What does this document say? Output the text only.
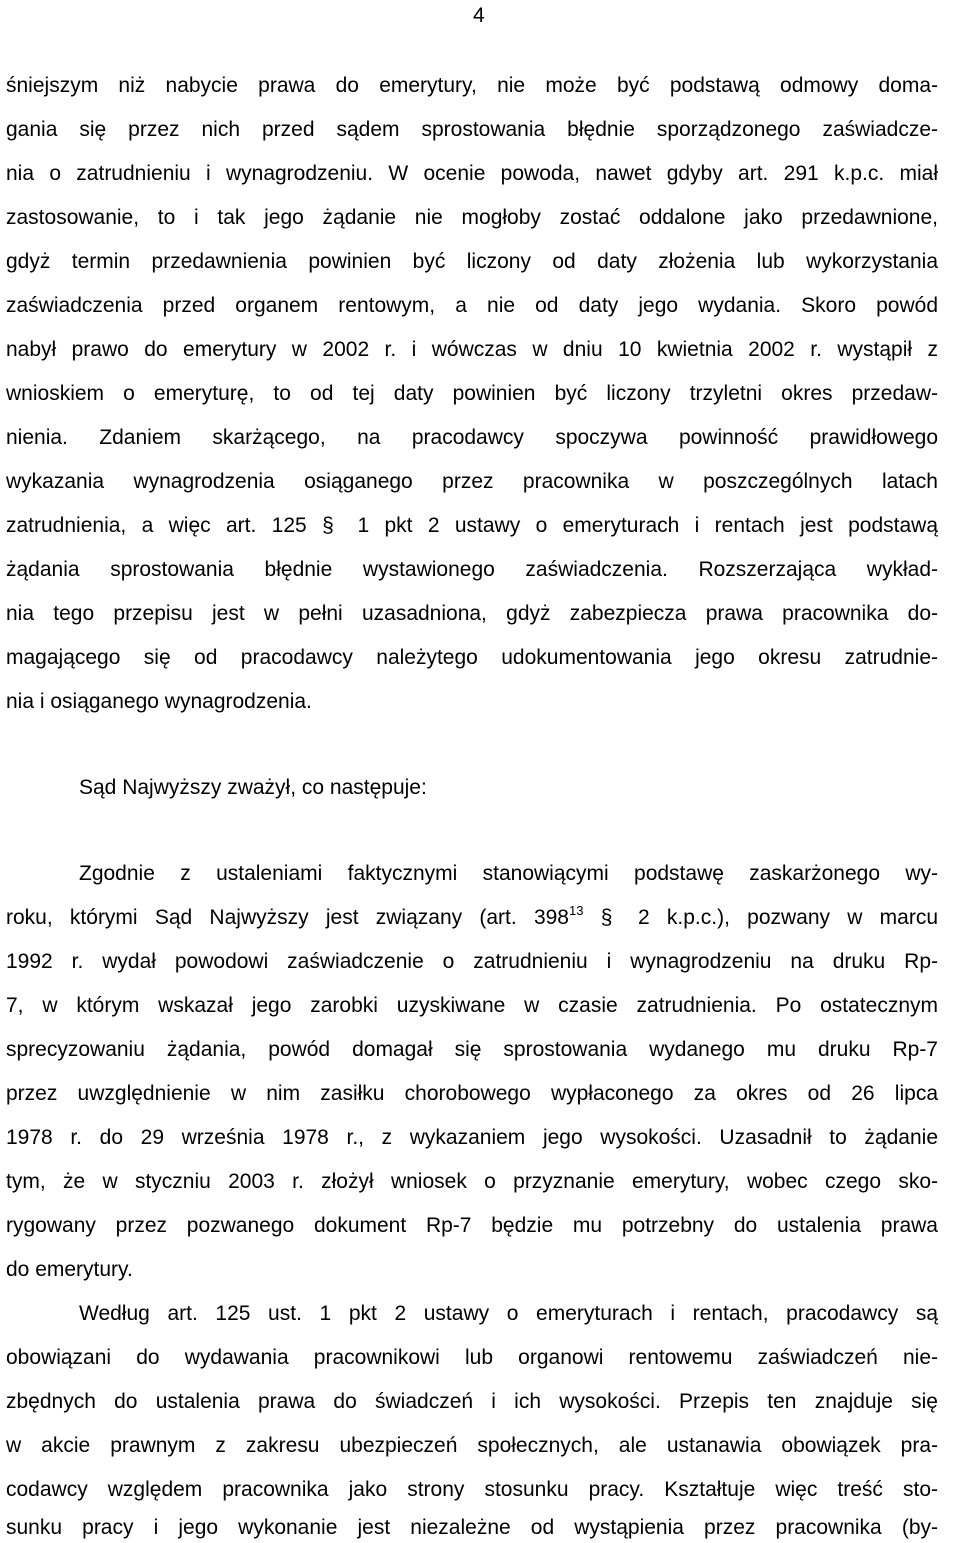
4
śniejszym niż nabycie prawa do emerytury, nie może być podstawą odmowy doma-
gania się przez nich przed sądem sprostowania błędnie sporządzonego zaświadcze-
nia o zatrudnieniu i wynagrodzeniu. W ocenie powoda, nawet gdyby art. 291 k.p.c. miał
zastosowanie, to i tak jego żądanie nie mogłoby zostać oddalone jako przedawnione,
gdyż termin przedawnienia powinien być liczony od daty złożenia lub wykorzystania
zaświadczenia przed organem rentowym, a nie od daty jego wydania. Skoro powód
nabył prawo do emerytury w 2002 r. i wówczas w dniu 10 kwietnia 2002 r. wystąpił z
wnioskiem o emeryturę, to od tej daty powinien być liczony trzyletni okres przedaw-
nienia. Zdaniem skarżącego, na pracodawcy spoczywa powinność prawidłowego
wykazania wynagrodzenia osiąganego przez pracownika w poszczególnych latach
zatrudnienia, a więc art. 125 § 1 pkt 2 ustawy o emeryturach i rentach jest podstawą
żądania sprostowania błędnie wystawionego zaświadczenia. Rozszerzająca wykład-
nia tego przepisu jest w pełni uzasadniona, gdyż zabezpiecza prawa pracownika do-
magającego się od pracodawcy należytego udokumentowania jego okresu zatrudnie-
nia i osiąganego wynagrodzenia.
Sąd Najwyższy zważył, co następuje:
Zgodnie z ustaleniami faktycznymi stanowiącymi podstawę zaskarżonego wy-
roku, którymi Sąd Najwyższy jest związany (art. $398^{13}$ § 2 k.p.c.), pozwany w marcu
1992 r. wydał powodowi zaświadczenie o zatrudnieniu i wynagrodzeniu na druku Rp-
7, w którym wskazał jego zarobki uzyskiwane w czasie zatrudnienia. Po ostatecznym
sprecyzowaniu żądania, powód domagał się sprostowania wydanego mu druku Rp-7
przez uwzględnienie w nim zasiłku chorobowego wypłaconego za okres od 26 lipca
1978 r. do 29 września 1978 r., z wykazaniem jego wysokości. Uzasadnił to żądanie
tym, że w styczniu 2003 r. złożył wniosek o przyznanie emerytury, wobec czego sko-
rygowany przez pozwanego dokument Rp-7 będzie mu potrzebny do ustalenia prawa
do emerytury.
Według art. 125 ust. 1 pkt 2 ustawy o emeryturach i rentach, pracodawcy są
obowiązani do wydawania pracownikowi lub organowi rentowemu zaświadczeń nie-
zbędnych do ustalenia prawa do świadczeń i ich wysokości. Przepis ten znajduje się
w akcie prawnym z zakresu ubezpieczeń społecznych, ale ustanawia obowiązek pra-
codawcy względem pracownika jako strony stosunku pracy. Kształtuje więc treść sto-
sunku pracy i jego wykonanie jest niezależne od wystąpienia przez pracownika (by-
